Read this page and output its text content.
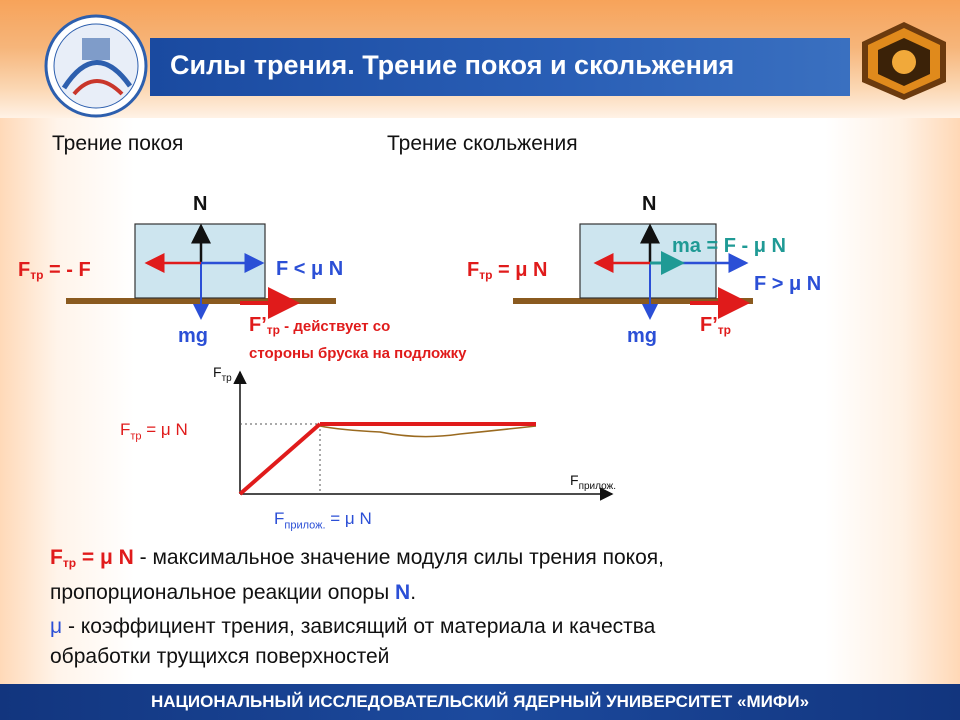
Силы трения. Трение покоя и скольжения
Трение покоя	Трение скольжения
N
$F_{тр}$ = - F	F < μ N
mg $F’_{тр}$ - действует со
стороны бруска на подложку
N
$F_{тр} = \mu$ N
ma = F - μ N
F > μ N
mg $F’_{тр}$
$F_{тр}$
$F_{тр} = \mu$ N
$F_{прилож.}$
$F_{прилож.} = \mu$ N
$F_{тр} = \mu$ N - максимальное значение модуля силы трения покоя,
пропорциональное реакции опоры N.
μ - коэффициент трения, зависящий от материала и качества
обработки трущихся поверхностей
НАЦИОНАЛЬНЫЙ ИССЛЕДОВАТЕЛЬСКИЙ ЯДЕРНЫЙ УНИВЕРСИТЕТ «МИФИ»
